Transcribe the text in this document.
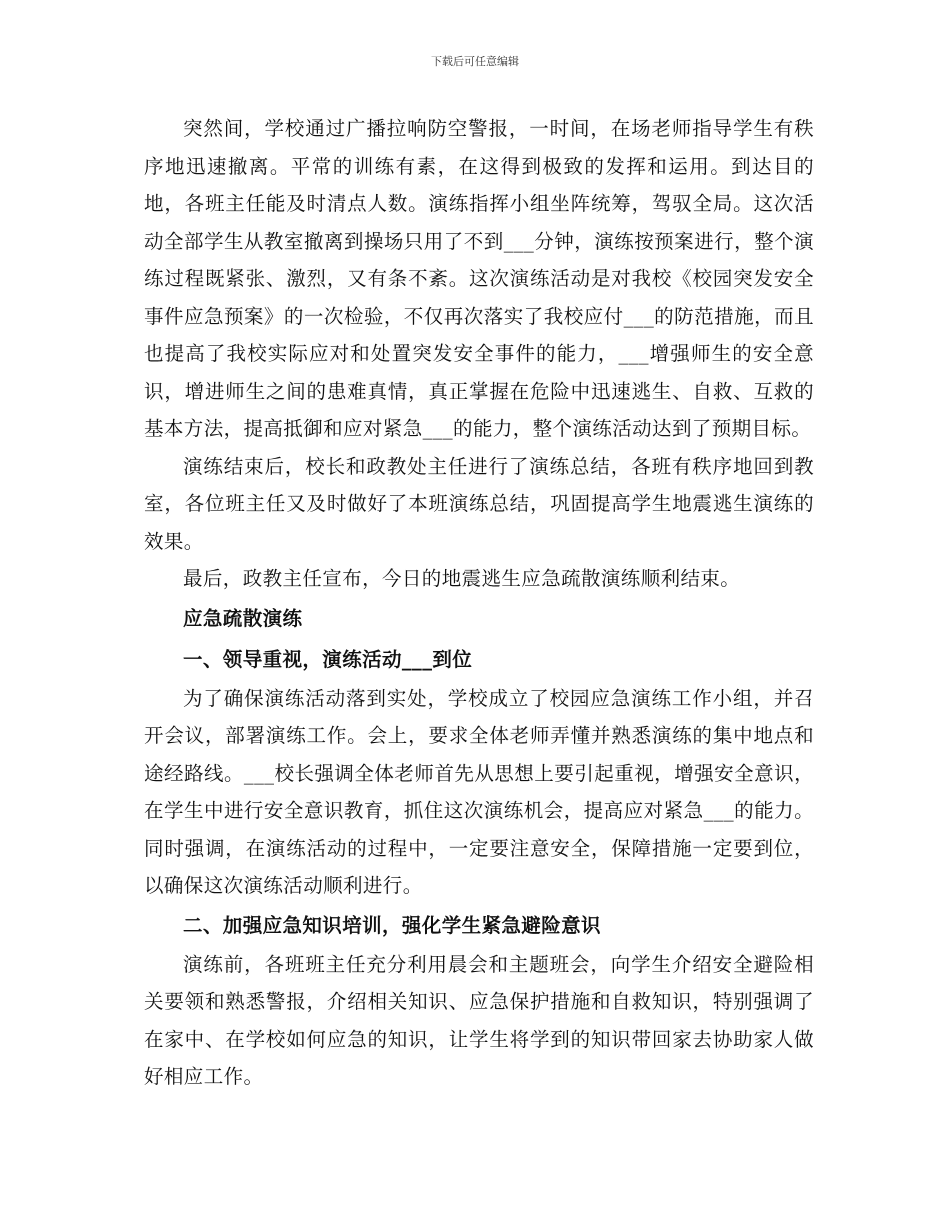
下载后可任意编辑

突然间，学校通过广播拉响防空警报，一时间，在场老师指导学生有秩序地迅速撤离。平常的训练有素，在这得到极致的发挥和运用。到达目的地，各班主任能及时清点人数。演练指挥小组坐阵统筹，驾驭全局。这次活动全部学生从教室撤离到操场只用了不到___分钟，演练按预案进行，整个演练过程既紧张、激烈，又有条不紊。这次演练活动是对我校《校园突发安全事件应急预案》的一次检验，不仅再次落实了我校应付___的防范措施，而且也提高了我校实际应对和处置突发安全事件的能力，___增强师生的安全意识，增进师生之间的患难真情，真正掌握在危险中迅速逃生、自救、互救的基本方法，提高抵御和应对紧急___的能力，整个演练活动达到了预期目标。

演练结束后，校长和政教处主任进行了演练总结，各班有秩序地回到教室，各位班主任又及时做好了本班演练总结，巩固提高学生地震逃生演练的效果。

最后，政教主任宣布，今日的地震逃生应急疏散演练顺利结束。

应急疏散演练

一、领导重视，演练活动___到位

为了确保演练活动落到实处，学校成立了校园应急演练工作小组，并召开会议，部署演练工作。会上，要求全体老师弄懂并熟悉演练的集中地点和途经路线。___校长强调全体老师首先从思想上要引起重视，增强安全意识，在学生中进行安全意识教育，抓住这次演练机会，提高应对紧急___的能力。同时强调，在演练活动的过程中，一定要注意安全，保障措施一定要到位，以确保这次演练活动顺利进行。

二、加强应急知识培训，强化学生紧急避险意识

演练前，各班班主任充分利用晨会和主题班会，向学生介绍安全避险相关要领和熟悉警报，介绍相关知识、应急保护措施和自救知识，特别强调了在家中、在学校如何应急的知识，让学生将学到的知识带回家去协助家人做好相应工作。
